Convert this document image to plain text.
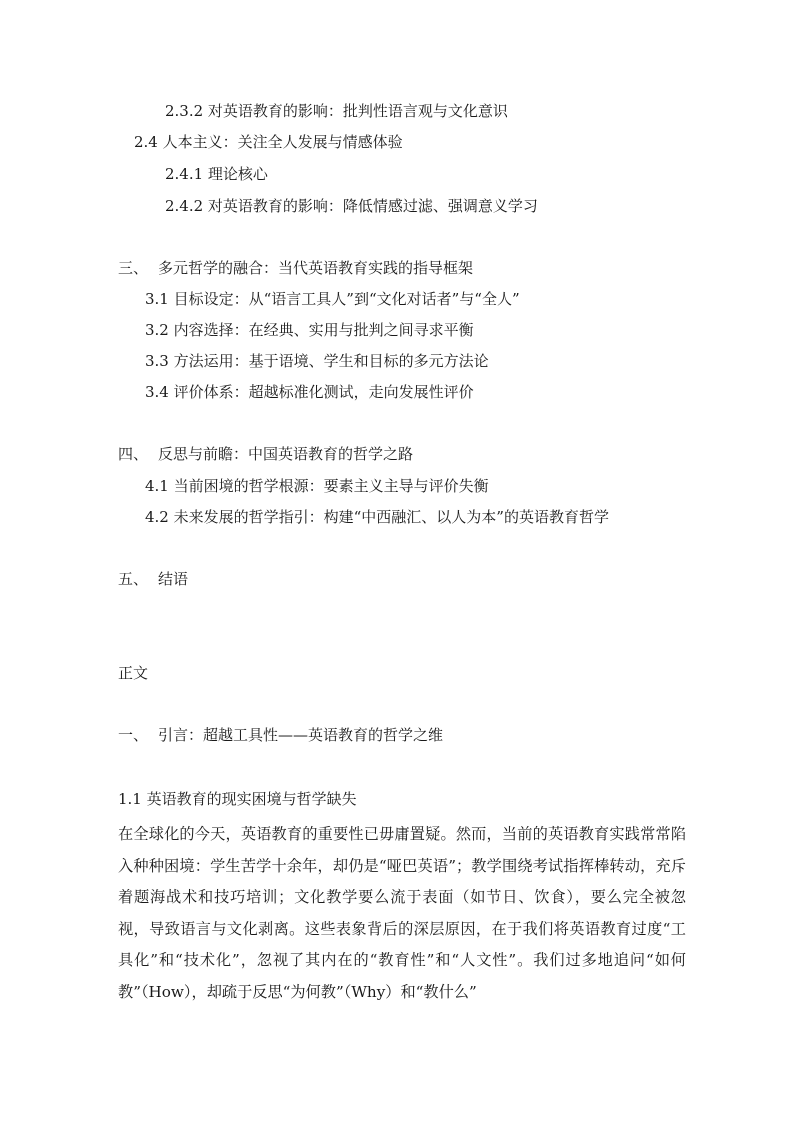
2.3.2 对英语教育的影响：批判性语言观与文化意识

2.4 人本主义：关注全人发展与情感体验

2.4.1 理论核心

2.4.2 对英语教育的影响：降低情感过滤、强调意义学习

三、 多元哲学的融合：当代英语教育实践的指导框架

3.1 目标设定：从“语言工具人”到“文化对话者”与“全人”

3.2 内容选择：在经典、实用与批判之间寻求平衡

3.3 方法运用：基于语境、学生和目标的多元方法论

3.4 评价体系：超越标准化测试，走向发展性评价

四、 反思与前瞻：中国英语教育的哲学之路

4.1 当前困境的哲学根源：要素主义主导与评价失衡

4.2 未来发展的哲学指引：构建“中西融汇、以人为本”的英语教育哲学

五、 结语

正文

一、 引言：超越工具性——英语教育的哲学之维

1.1 英语教育的现实困境与哲学缺失

在全球化的今天，英语教育的重要性已毋庸置疑。然而，当前的英语教育实践常常陷入种种困境：学生苦学十余年，却仍是“哑巴英语”；教学围绕考试指挥棒转动，充斥着题海战术和技巧培训；文化教学要么流于表面（如节日、饮食），要么完全被忽视，导致语言与文化剥离。这些表象背后的深层原因，在于我们将英语教育过度“工具化”和“技术化”，忽视了其内在的“教育性”和“人文性”。我们过多地追问“如何教”（How），却疏于反思“为何教”（Why）和“教什么”
